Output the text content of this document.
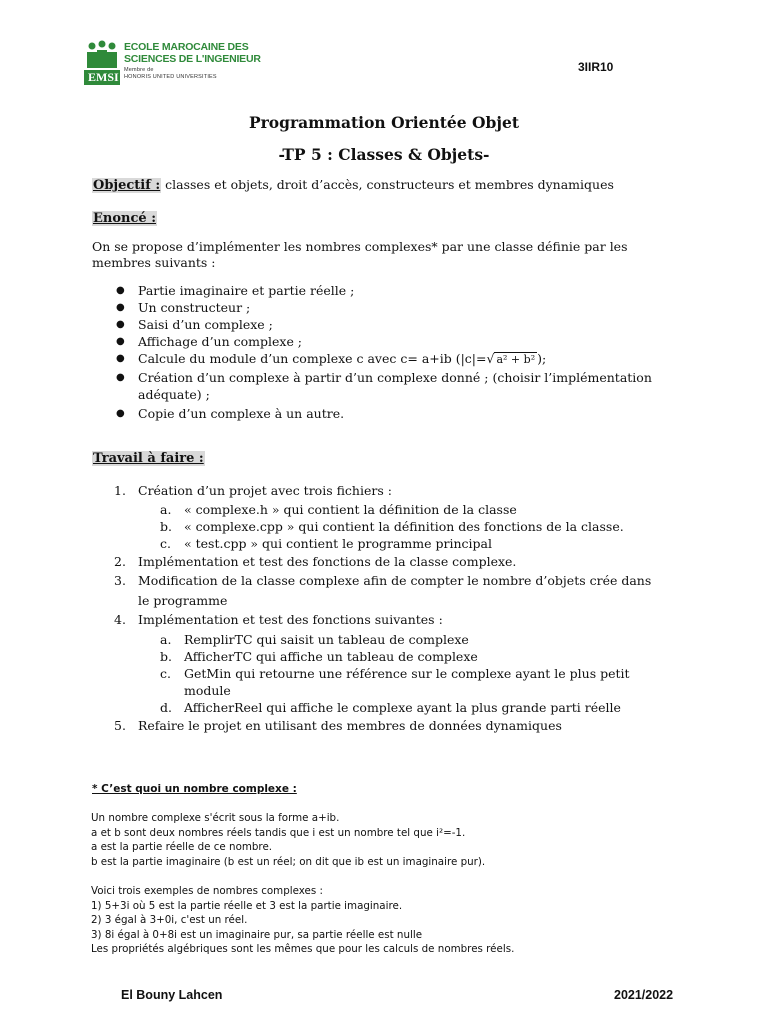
EMSI
ECOLE MAROCAINE DES
SCIENCES DE L'INGENIEUR
Membre de
HONORIS UNITED UNIVERSITIES
3IIR10
Programmation Orientée Objet
-TP 5 : Classes & Objets-
Objectif : classes et objets, droit d’accès, constructeurs et membres dynamiques
Enoncé :
On se propose d’implémenter les nombres complexes* par une classe définie par les
membres suivants :
● Partie imaginaire et partie réelle ;
● Un constructeur ;
● Saisi d’un complexe ;
● Affichage d’un complexe ;
● Calcule du module d’un complexe c avec c= a+ib (|c|=√ a² + b² );
● Création d’un complexe à partir d’un complexe donné ; (choisir l’implémentation
adéquate) ;
● Copie d’un complexe à un autre.
Travail à faire :
1. Création d’un projet avec trois fichiers :
a. « complexe.h » qui contient la définition de la classe
b. « complexe.cpp » qui contient la définition des fonctions de la classe.
c. « test.cpp » qui contient le programme principal
2. Implémentation et test des fonctions de la classe complexe.
3. Modification de la classe complexe afin de compter le nombre d’objets crée dans
le programme
4. Implémentation et test des fonctions suivantes :
a. RemplirTC qui saisit un tableau de complexe
b. AfficherTC qui affiche un tableau de complexe
c. GetMin qui retourne une référence sur le complexe ayant le plus petit
module
d. AfficherReel qui affiche le complexe ayant la plus grande parti réelle
5. Refaire le projet en utilisant des membres de données dynamiques
* C’est quoi un nombre complexe :
Un nombre complexe s'écrit sous la forme a+ib.
a et b sont deux nombres réels tandis que i est un nombre tel que i²=-1.
a est la partie réelle de ce nombre.
b est la partie imaginaire (b est un réel; on dit que ib est un imaginaire pur).
Voici trois exemples de nombres complexes :
1) 5+3i où 5 est la partie réelle et 3 est la partie imaginaire.
2) 3 égal à 3+0i, c'est un réel.
3) 8i égal à 0+8i est un imaginaire pur, sa partie réelle est nulle
Les propriétés algébriques sont les mêmes que pour les calculs de nombres réels.
El Bouny Lahcen	2021/2022
